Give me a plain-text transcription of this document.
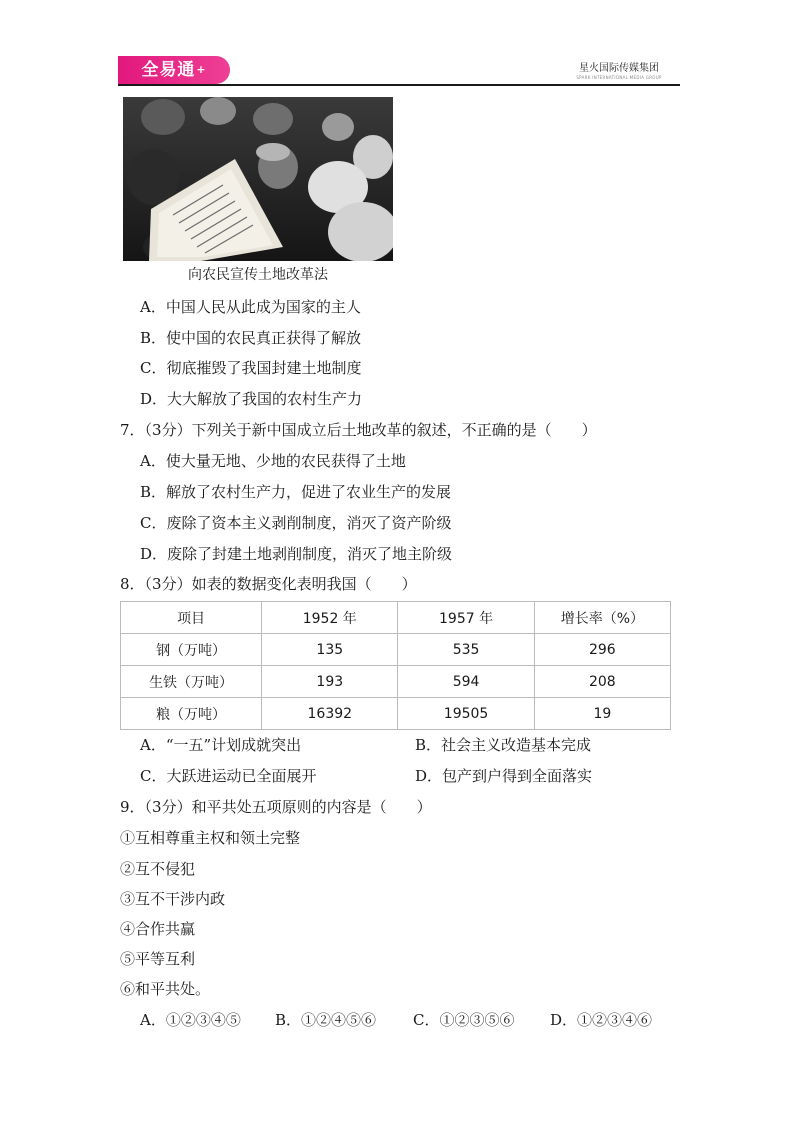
全易通+	星火国际传媒集团
SPARK INTERNATIONAL MEDIA GROUP
向农民宣传土地改革法
A．中国人民从此成为国家的主人
B．使中国的农民真正获得了解放
C．彻底摧毁了我国封建土地制度
D．大大解放了我国的农村生产力
7．（3分）下列关于新中国成立后土地改革的叙述，不正确的是（　　）
A．使大量无地、少地的农民获得了土地
B．解放了农村生产力，促进了农业生产的发展
C．废除了资本主义剥削制度，消灭了资产阶级
D．废除了封建土地剥削制度，消灭了地主阶级
8．（3分）如表的数据变化表明我国（　　）
项目	1952 年	1957 年	增长率（%）
钢（万吨）	135	535	296
生铁（万吨）	193	594	208
粮（万吨）	16392	19505	19
A．“一五”计划成就突出	B．社会主义改造基本完成
C．大跃进运动已全面展开	D．包产到户得到全面落实
9．（3分）和平共处五项原则的内容是（　　）
①互相尊重主权和领土完整
②互不侵犯
③互不干涉内政
④合作共赢
⑤平等互利
⑥和平共处。
A．①②③④⑤ B．①②④⑤⑥ C．①②③⑤⑥ D．①②③④⑥
